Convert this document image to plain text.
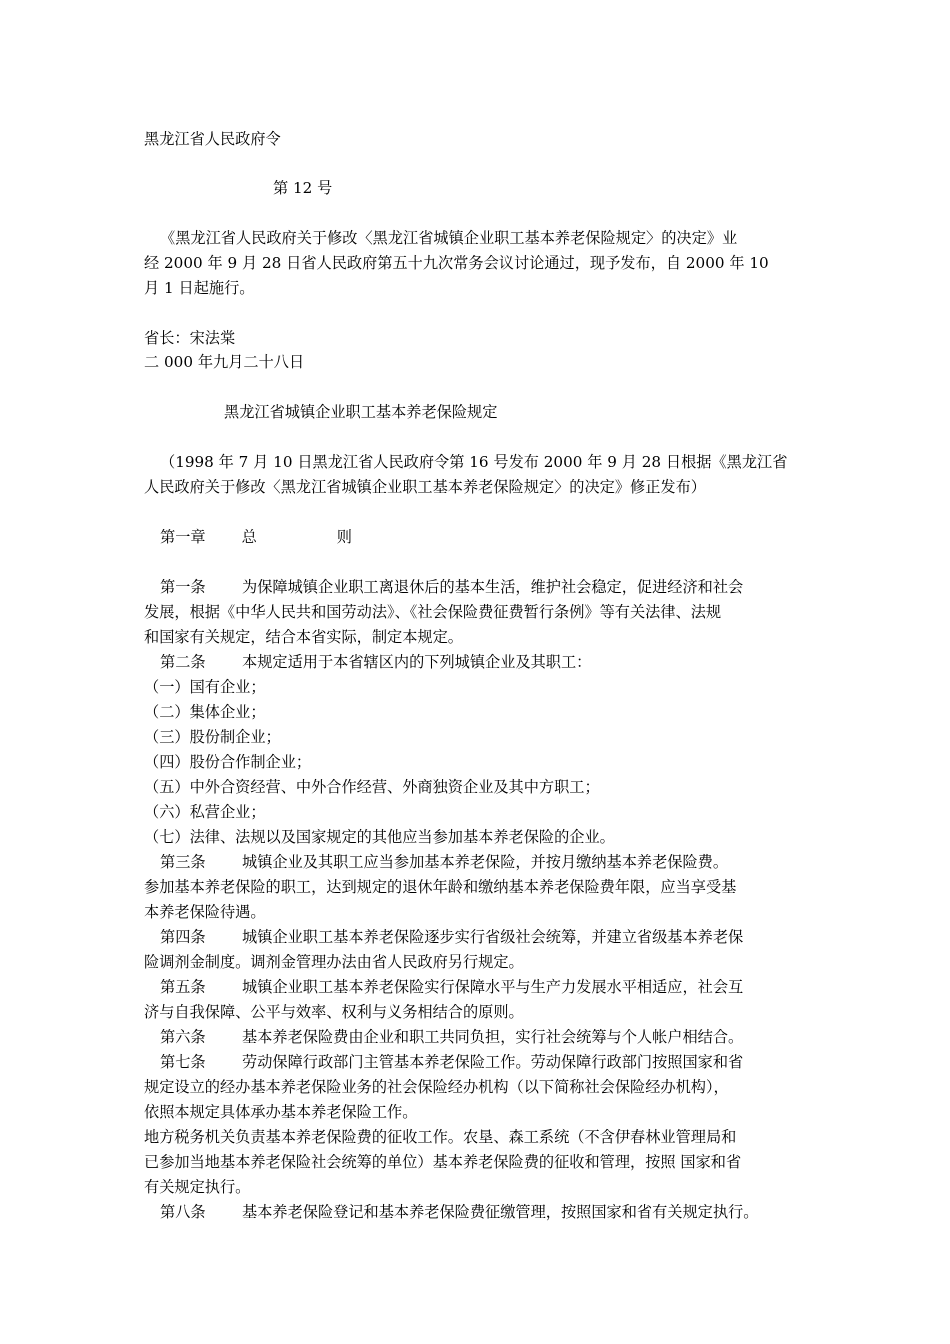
黑龙江省人民政府令
第 12 号
《黑龙江省人民政府关于修改〈黑龙江省城镇企业职工基本养老保险规定〉的决定》业
经 2000 年 9 月 28 日省人民政府第五十九次常务会议讨论通过，现予发布，自 2000 年 10
月 1 日起施行。
省长：宋法棠
二 000 年九月二十八日
黑龙江省城镇企业职工基本养老保险规定
（1998 年 7 月 10 日黑龙江省人民政府令第 16 号发布 2000 年 9 月 28 日根据《黑龙江省
人民政府关于修改〈黑龙江省城镇企业职工基本养老保险规定〉的决定》修正发布）
第一章 总	则
第一条 为保障城镇企业职工离退休后的基本生活，维护社会稳定，促进经济和社会
发展，根据《中华人民共和国劳动法》、《社会保险费征费暂行条例》等有关法律、法规
和国家有关规定，结合本省实际，制定本规定。
第二条 本规定适用于本省辖区内的下列城镇企业及其职工：
（一）国有企业；
（二）集体企业；
（三）股份制企业；
（四）股份合作制企业；
（五）中外合资经营、中外合作经营、外商独资企业及其中方职工；
（六）私营企业；
（七）法律、法规以及国家规定的其他应当参加基本养老保险的企业。
第三条 城镇企业及其职工应当参加基本养老保险，并按月缴纳基本养老保险费。
参加基本养老保险的职工，达到规定的退休年龄和缴纳基本养老保险费年限，应当享受基
本养老保险待遇。
第四条 城镇企业职工基本养老保险逐步实行省级社会统筹，并建立省级基本养老保
险调剂金制度。调剂金管理办法由省人民政府另行规定。
第五条 城镇企业职工基本养老保险实行保障水平与生产力发展水平相适应，社会互
济与自我保障、公平与效率、权利与义务相结合的原则。
第六条 基本养老保险费由企业和职工共同负担，实行社会统筹与个人帐户相结合。
第七条 劳动保障行政部门主管基本养老保险工作。劳动保障行政部门按照国家和省
规定设立的经办基本养老保险业务的社会保险经办机构（以下简称社会保险经办机构），
依照本规定具体承办基本养老保险工作。
地方税务机关负责基本养老保险费的征收工作。农垦、森工系统（不含伊春林业管理局和
已参加当地基本养老保险社会统筹的单位）基本养老保险费的征收和管理，按照 国家和省
有关规定执行。
第八条 基本养老保险登记和基本养老保险费征缴管理，按照国家和省有关规定执行。
